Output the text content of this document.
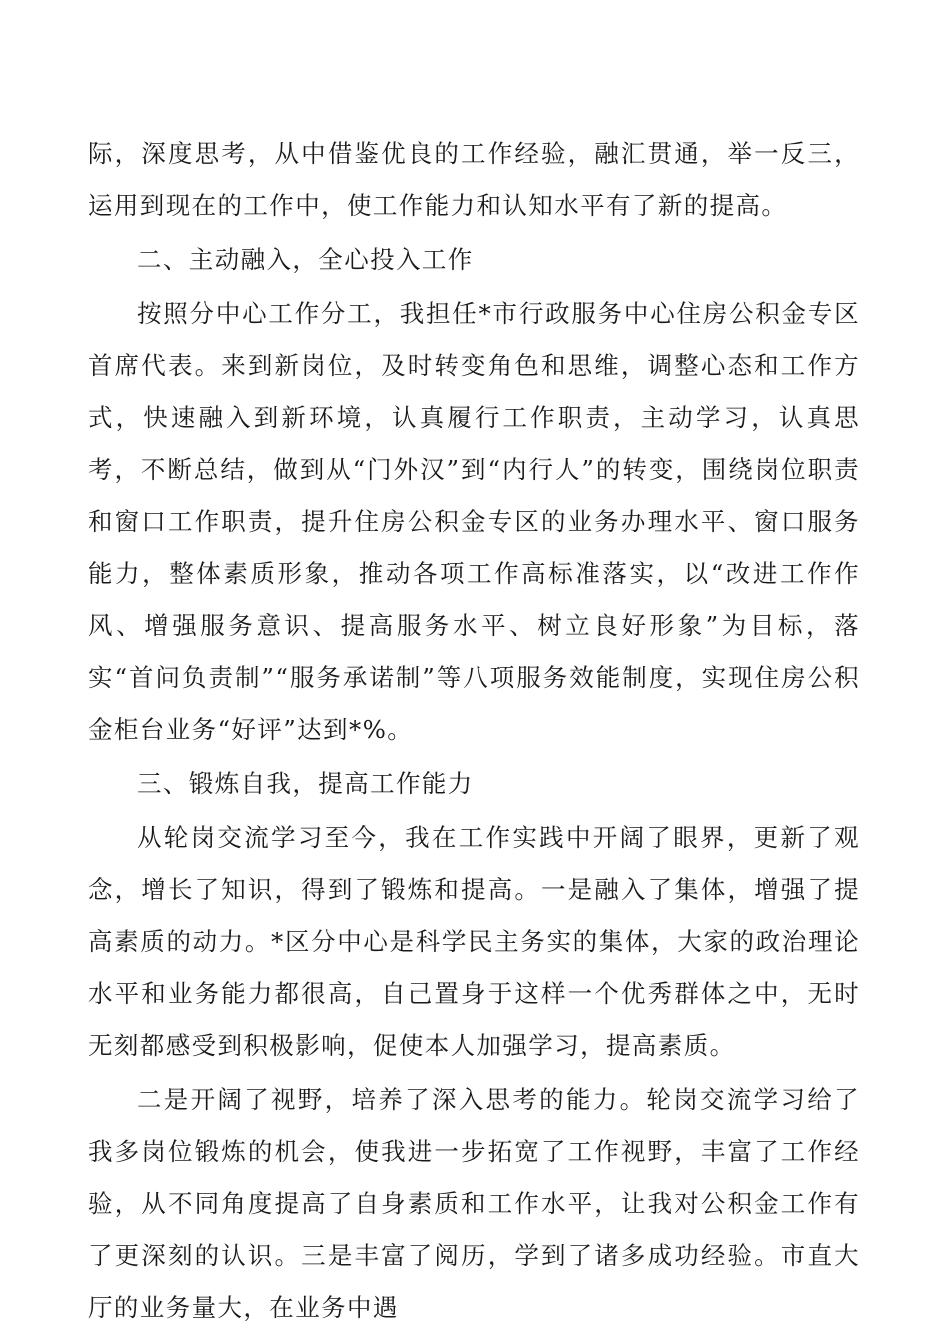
际，深度思考，从中借鉴优良的工作经验，融汇贯通，举一反三，运用到现在的工作中，使工作能力和认知水平有了新的提高。

二、主动融入，全心投入工作

按照分中心工作分工，我担任*市行政服务中心住房公积金专区首席代表。来到新岗位，及时转变角色和思维，调整心态和工作方式，快速融入到新环境，认真履行工作职责，主动学习，认真思考，不断总结，做到从“门外汉”到“内行人”的转变，围绕岗位职责和窗口工作职责，提升住房公积金专区的业务办理水平、窗口服务能力，整体素质形象，推动各项工作高标准落实，以“改进工作作风、增强服务意识、提高服务水平、树立良好形象”为目标，落实“首问负责制”“服务承诺制”等八项服务效能制度，实现住房公积金柜台业务“好评”达到*%。

三、锻炼自我，提高工作能力

从轮岗交流学习至今，我在工作实践中开阔了眼界，更新了观念，增长了知识，得到了锻炼和提高。一是融入了集体，增强了提高素质的动力。*区分中心是科学民主务实的集体，大家的政治理论水平和业务能力都很高，自己置身于这样一个优秀群体之中，无时无刻都感受到积极影响，促使本人加强学习，提高素质。

二是开阔了视野，培养了深入思考的能力。轮岗交流学习给了我多岗位锻炼的机会，使我进一步拓宽了工作视野，丰富了工作经验，从不同角度提高了自身素质和工作水平，让我对公积金工作有了更深刻的认识。三是丰富了阅历，学到了诸多成功经验。市直大厅的业务量大，在业务中遇
